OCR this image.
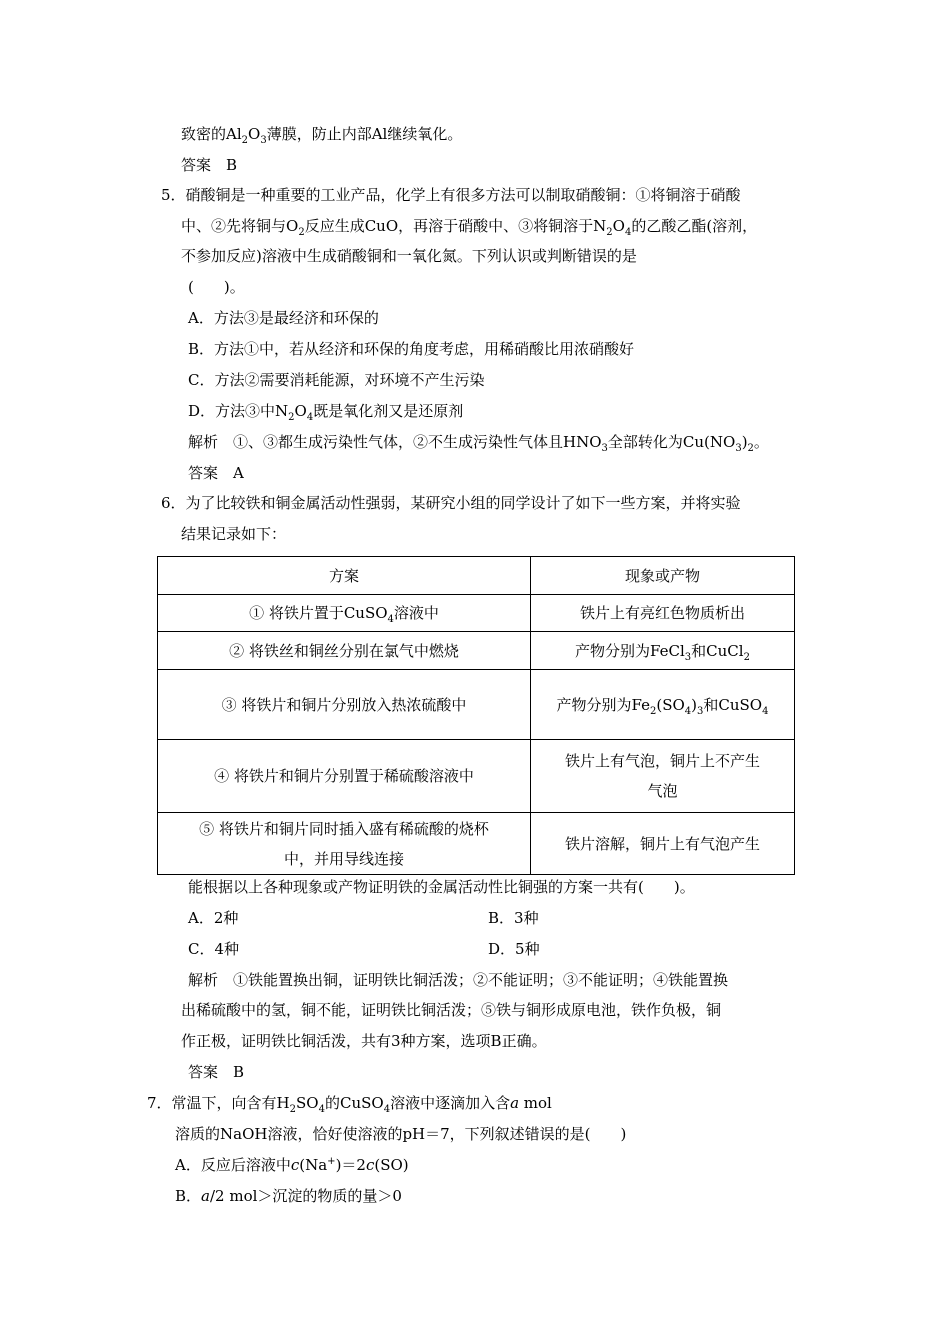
致密的$Al_2O_3$薄膜，防止内部Al继续氧化。
答案　B
5．硝酸铜是一种重要的工业产品，化学上有很多方法可以制取硝酸铜：①将铜溶于硝酸
中、②先将铜与$O_2$反应生成CuO，再溶于硝酸中、③将铜溶于$N_2O_4$的乙酸乙酯(溶剂，
不参加反应)溶液中生成硝酸铜和一氧化氮。下列认识或判断错误的是
(　　)。
A．方法③是最经济和环保的
B．方法①中，若从经济和环保的角度考虑，用稀硝酸比用浓硝酸好
C．方法②需要消耗能源，对环境不产生污染
D．方法③中$N_2O_4$既是氧化剂又是还原剂
解析　①、③都生成污染性气体，②不生成污染性气体且$HNO_3$全部转化为$Cu(NO_3)_2$。
答案　A
6．为了比较铁和铜金属活动性强弱，某研究小组的同学设计了如下一些方案，并将实验
结果记录如下：
方案	现象或产物
① 将铁片置于CuSO$_4$溶液中	铁片上有亮红色物质析出
② 将铁丝和铜丝分别在氯气中燃烧	产物分别为FeCl$_3$和CuCl$_2$
③ 将铁片和铜片分别放入热浓硫酸中	产物分别为$Fe_2(SO_4)_3$和CuSO$_4$
④ 将铁片和铜片分别置于稀硫酸溶液中	铁片上有气泡，铜片上不产生
气泡

⑤ 将铁片和铜片同时插入盛有稀硫酸的烧杯
中，并用导线连接	铁片溶解，铜片上有气泡产生
能根据以上各种现象或产物证明铁的金属活动性比铜强的方案一共有(　　)。
A．2种	B．3种
C．4种	D．5种
解析　①铁能置换出铜，证明铁比铜活泼；②不能证明；③不能证明；④铁能置换
出稀硫酸中的氢，铜不能，证明铁比铜活泼；⑤铁与铜形成原电池，铁作负极，铜
作正极，证明铁比铜活泼，共有3种方案，选项B正确。
答案　B
7．常温下，向含有$H_2SO_4$的CuSO$_4$溶液中逐滴加入含a mol
溶质的NaOH溶液，恰好使溶液的pH＝7，下列叙述错误的是(　　)
A．反应后溶液中c(Na+)＝2c(SO)
B．a/2 mol＞沉淀的物质的量＞0
